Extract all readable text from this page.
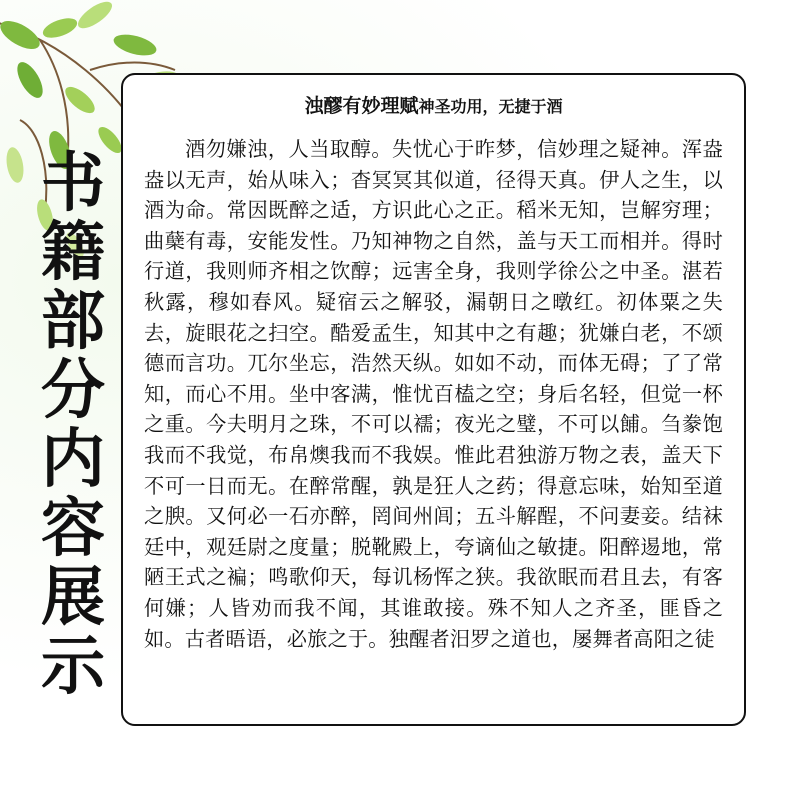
书籍部分内容展示
浊醪有妙理赋神圣功用，无捷于酒

酒勿嫌浊，人当取醇。失忧心于昨梦，信妙理之疑神。浑盎盎以无声，始从味入；杳冥冥其似道，径得天真。伊人之生，以酒为命。常因既醉之适，方识此心之正。稻米无知，岂解穷理；曲蘖有毒，安能发性。乃知神物之自然，盖与天工而相并。得时行道，我则师齐相之饮醇；远害全身，我则学徐公之中圣。湛若秋露，穆如春风。疑宿云之解驳，漏朝日之暾红。初体粟之失去，旋眼花之扫空。酷爱孟生，知其中之有趣；犹嫌白老，不颂德而言功。兀尔坐忘，浩然天纵。如如不动，而体无碍；了了常知，而心不用。坐中客满，惟忧百榼之空；身后名轻，但觉一杯之重。今夫明月之珠，不可以襦；夜光之璧，不可以餔。刍豢饱我而不我觉，布帛燠我而不我娱。惟此君独游万物之表，盖天下不可一日而无。在醉常醒，孰是狂人之药；得意忘味，始知至道之腴。又何必一石亦醉，罔间州闾；五斗解酲，不问妻妾。结袜廷中，观廷尉之度量；脱靴殿上，夸谪仙之敏捷。阳醉逷地，常陋王式之褊；鸣歌仰天，每讥杨恽之狭。我欲眠而君且去，有客何嫌；人皆劝而我不闻，其谁敢接。殊不知人之齐圣，匪昏之如。古者晤语，必旅之于。独醒者汨罗之道也，屡舞者高阳之徒
